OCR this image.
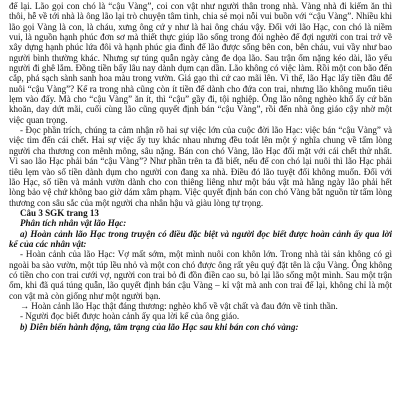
để lại. Lão gọi con chó là “cậu Vàng”, coi con vật như người thân trong nhà. Vàng nhà đi kiếm ăn thì thôi, hễ về tới nhà là ông lão lại trò chuyện tâm tình, chia sẻ mọi nỗi vui buồn với “cậu Vàng”. Nhiều khi lão gọi Vàng là con, là cháu, xưng ông cứ y như là hai ông cháu vậy. Đối với lão Hạc, con chó là niềm vui, là nguồn hạnh phúc đơn sơ mà thiết thực giúp lão sống trong đói nghèo để đợi người con trai trở về xây dựng hạnh phúc lứa đôi và hạnh phúc gia đình để lão được sống bên con, bên cháu, vui vầy như bao người bình thường khác. Nhưng sự túng quẫn ngày càng đe dọa lão. Sau trận ốm nặng kéo dài, lão yếu người đi ghê lắm. Đồng tiền bấy lâu nay dành dụm cạn dần. Lão không có việc làm. Rồi một con bão đến cắp, phá sạch sành sanh hoa màu trong vườn. Giá gạo thì cứ cao mãi lên. Vì thế, lão Hạc lấy tiền đâu để nuôi “cậu Vàng”? Kể ra trong nhà cũng còn ít tiền để dành cho đứa con trai, nhưng lão không muốn tiêu lẹm vào đấy. Mà cho “cậu Vàng” ăn ít, thì “cậu” gầy đi, tội nghiệp. Ông lão nông nghèo khổ ấy cứ băn khoăn, day dứt mãi, cuối cùng lão cũng quyết định bán “cậu Vàng”, rồi đến nhà ông giáo cậy nhờ một việc quan trọng.

- Đọc phần trích, chúng ta cảm nhận rõ hai sự việc lớn của cuộc đời lão Hạc: việc bán “cậu Vàng” và việc tìm đến cái chết. Hai sự việc ấy tuy khác nhau nhưng đều toát lên một ý nghĩa chung về tấm lòng người cha thương con mênh mông, sâu nặng. Bán con chó Vàng, lão Hạc đối mặt với cái chết thử nhất. Vì sao lão Hạc phải bán “cậu Vàng”? Như phần trên ta đã biết, nếu để con chó lại nuôi thì lão Hạc phải tiêu lẹm vào số tiền dành dụm cho người con đang xa nhà. Điều đó lão tuyệt đối không muốn. Đối với lão Hạc, số tiền và mảnh vườn dành cho con thiêng liêng như một báu vật mà hằng ngày lão phải hết lòng bảo vệ chứ không bao giờ dám xâm phạm. Việc quyết định bán con chó Vàng bắt nguồn từ tấm lòng thương con sâu sắc của một người cha nhân hậu và giàu lòng tự trọng.

Câu 3 SGK trang 13

Phân tích nhân vật lão Hạc:

a) Hoàn cảnh lão Hạc trong truyện có điều đặc biệt và người đọc biết được hoàn cảnh ấy qua lời kể của các nhân vật:

- Hoàn cảnh của lão Hạc: Vợ mất sớm, một mình nuôi con khôn lớn. Trong nhà tài sản không có gì ngoài ba sào vườn, một túp lều nhỏ và một con chó được ông rất yêu quý đặt tên là cậu Vàng. Ông không có tiền cho con trai cưới vợ, người con trai bỏ đi đồn điền cao su, bỏ lại lão sống một mình. Sau một trận ốm, khi đã quá túng quẫn, lão quyết định bán cậu Vàng – kỉ vật mà anh con trai để lại, không chỉ là một con vật mà còn giống như một người bạn.

→ Hoàn cảnh lão Hạc thật đáng thương: nghèo khổ về vật chất và đau đớn về tinh thần.

- Người đọc biết được hoàn cảnh ấy qua lời kể của ông giáo.

b) Diễn biến hành động, tâm trạng của lão Hạc sau khi bán con chó vàng:
